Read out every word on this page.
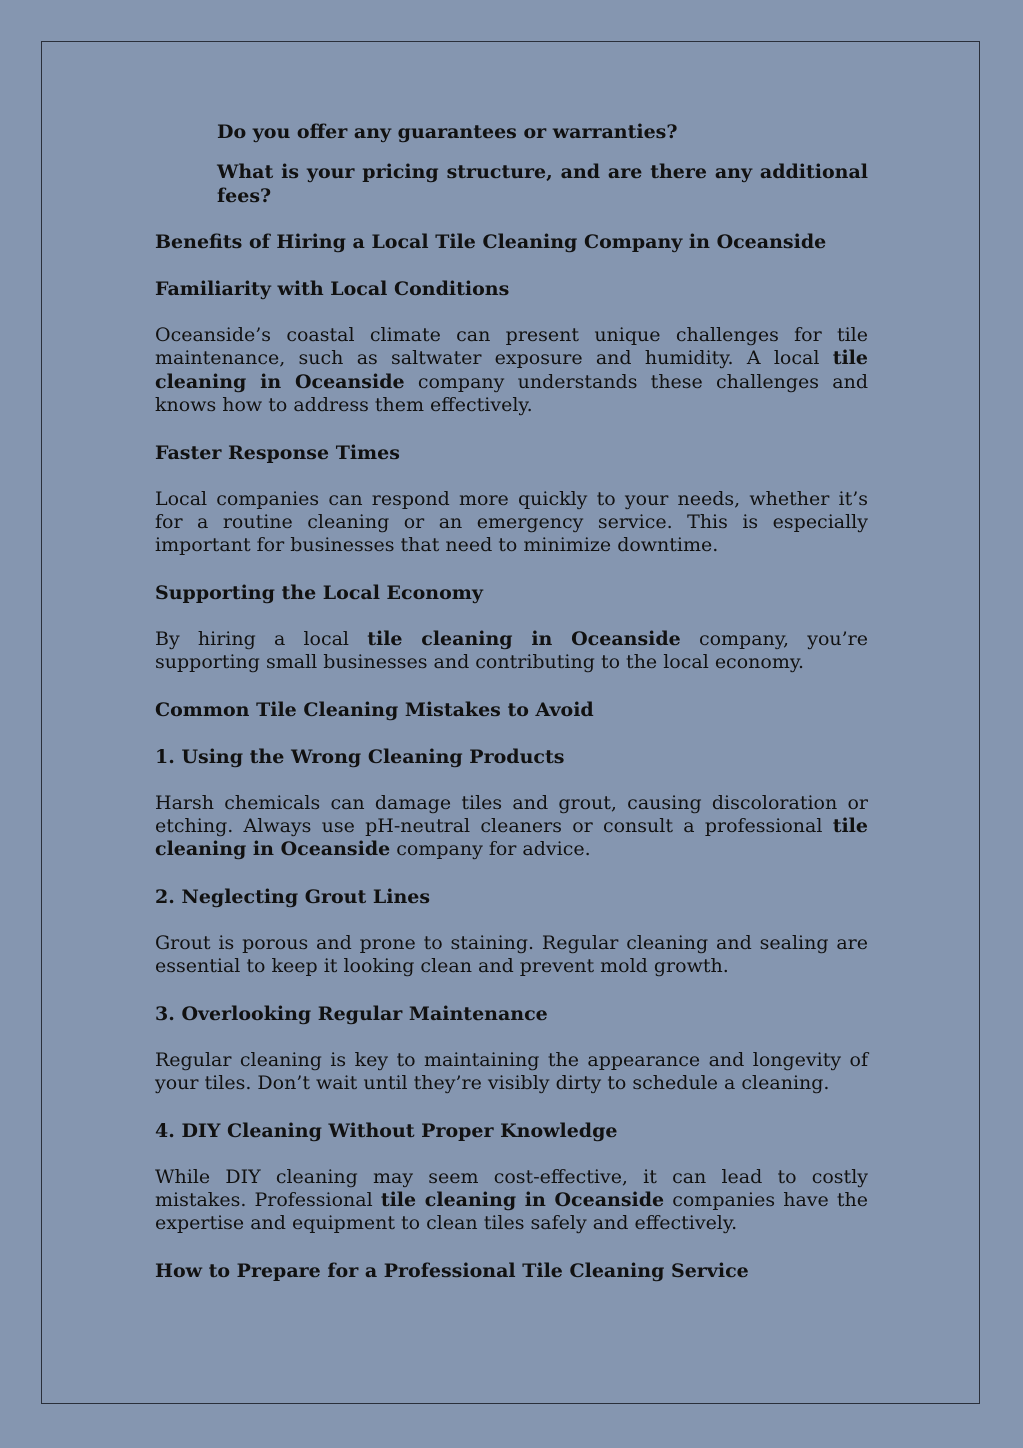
Do you offer any guarantees or warranties?

What is your pricing structure, and are there any additional fees?

Benefits of Hiring a Local Tile Cleaning Company in Oceanside
Familiarity with Local Conditions

Oceanside’s coastal climate can present unique challenges for tile maintenance, such as saltwater exposure and humidity. A local tile cleaning in Oceanside company understands these challenges and knows how to address them effectively.

Faster Response Times

Local companies can respond more quickly to your needs, whether it’s for a routine cleaning or an emergency service. This is especially important for businesses that need to minimize downtime.

Supporting the Local Economy

By hiring a local tile cleaning in Oceanside company, you’re supporting small businesses and contributing to the local economy.

Common Tile Cleaning Mistakes to Avoid
1. Using the Wrong Cleaning Products

Harsh chemicals can damage tiles and grout, causing discoloration or etching. Always use pH-neutral cleaners or consult a professional tile cleaning in Oceanside company for advice.

2. Neglecting Grout Lines

Grout is porous and prone to staining. Regular cleaning and sealing are essential to keep it looking clean and prevent mold growth.

3. Overlooking Regular Maintenance

Regular cleaning is key to maintaining the appearance and longevity of your tiles. Don’t wait until they’re visibly dirty to schedule a cleaning.

4. DIY Cleaning Without Proper Knowledge

While DIY cleaning may seem cost-effective, it can lead to costly mistakes. Professional tile cleaning in Oceanside companies have the expertise and equipment to clean tiles safely and effectively.

How to Prepare for a Professional Tile Cleaning Service
